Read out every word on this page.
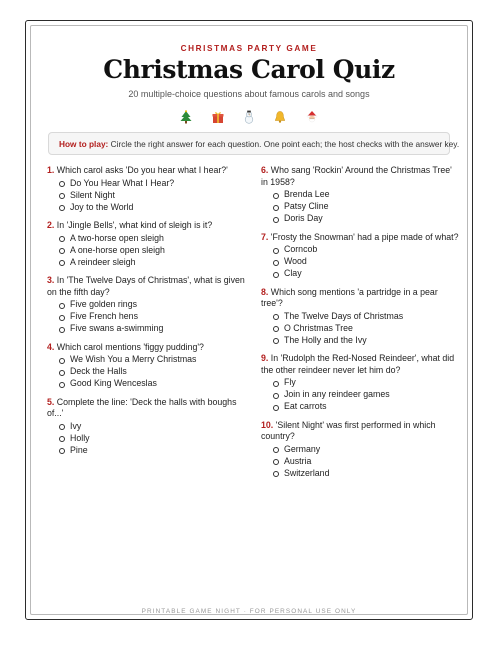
CHRISTMAS PARTY GAME
Christmas Carol Quiz
20 multiple-choice questions about famous carols and songs

How to play: Circle the right answer for each question. One point each; the host checks with the answer key.
1. Which carol asks 'Do you hear what I hear?'
Do You Hear What I Hear?
Silent Night
Joy to the World
2. In 'Jingle Bells', what kind of sleigh is it?
A two-horse open sleigh
A one-horse open sleigh
A reindeer sleigh
3. In 'The Twelve Days of Christmas', what is given on the fifth day?
Five golden rings
Five French hens
Five swans a-swimming
4. Which carol mentions 'figgy pudding'?
We Wish You a Merry Christmas
Deck the Halls
Good King Wenceslas
5. Complete the line: 'Deck the halls with boughs of...'
Ivy
Holly
Pine
6. Who sang 'Rockin' Around the Christmas Tree' in 1958?
Brenda Lee
Patsy Cline
Doris Day
7. 'Frosty the Snowman' had a pipe made of what?
Corncob
Wood
Clay
8. Which song mentions 'a partridge in a pear tree'?
The Twelve Days of Christmas
O Christmas Tree
The Holly and the Ivy
9. In 'Rudolph the Red-Nosed Reindeer', what did the other reindeer never let him do?
Fly
Join in any reindeer games
Eat carrots
10. 'Silent Night' was first performed in which country?
Germany
Austria
Switzerland
PRINTABLE GAME NIGHT · FOR PERSONAL USE ONLY
